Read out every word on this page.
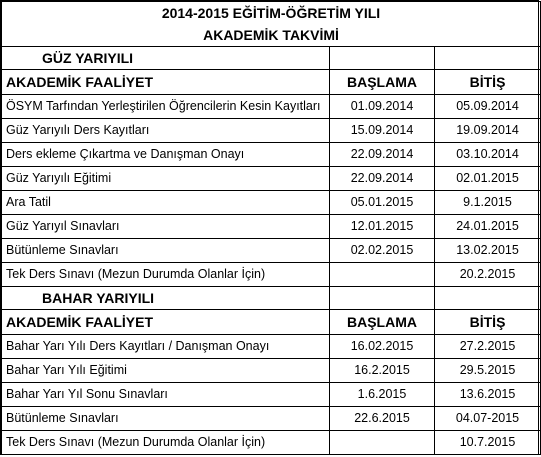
2014-2015 EĞİTİM-ÖĞRETİM YILI		
AKADEMİK TAKVİMİ		
GÜZ YARIYILI		
AKADEMİK FAALİYET	BAŞLAMA	BİTİŞ
ÖSYM Tarfından Yerleştirilen Öğrencilerin Kesin Kayıtları	01.09.2014	05.09.2014
Güz Yarıyılı Ders Kayıtları	15.09.2014	19.09.2014
Ders ekleme Çıkartma ve Danışman Onayı	22.09.2014	03.10.2014
Güz Yarıyılı Eğitimi	22.09.2014	02.01.2015
Ara Tatil	05.01.2015	9.1.2015
Güz Yarıyıl Sınavları	12.01.2015	24.01.2015
Bütünleme Sınavları	02.02.2015	13.02.2015
Tek Ders Sınavı (Mezun Durumda Olanlar İçin)		20.2.2015
BAHAR YARIYILI		
AKADEMİK FAALİYET	BAŞLAMA	BİTİŞ
Bahar Yarı Yılı Ders Kayıtları / Danışman Onayı	16.02.2015	27.2.2015
Bahar Yarı Yılı Eğitimi	16.2.2015	29.5.2015
Bahar Yarı Yıl Sonu Sınavları	1.6.2015	13.6.2015
Bütünleme Sınavları	22.6.2015	04.07-2015
Tek Ders Sınavı (Mezun Durumda Olanlar İçin)		10.7.2015
